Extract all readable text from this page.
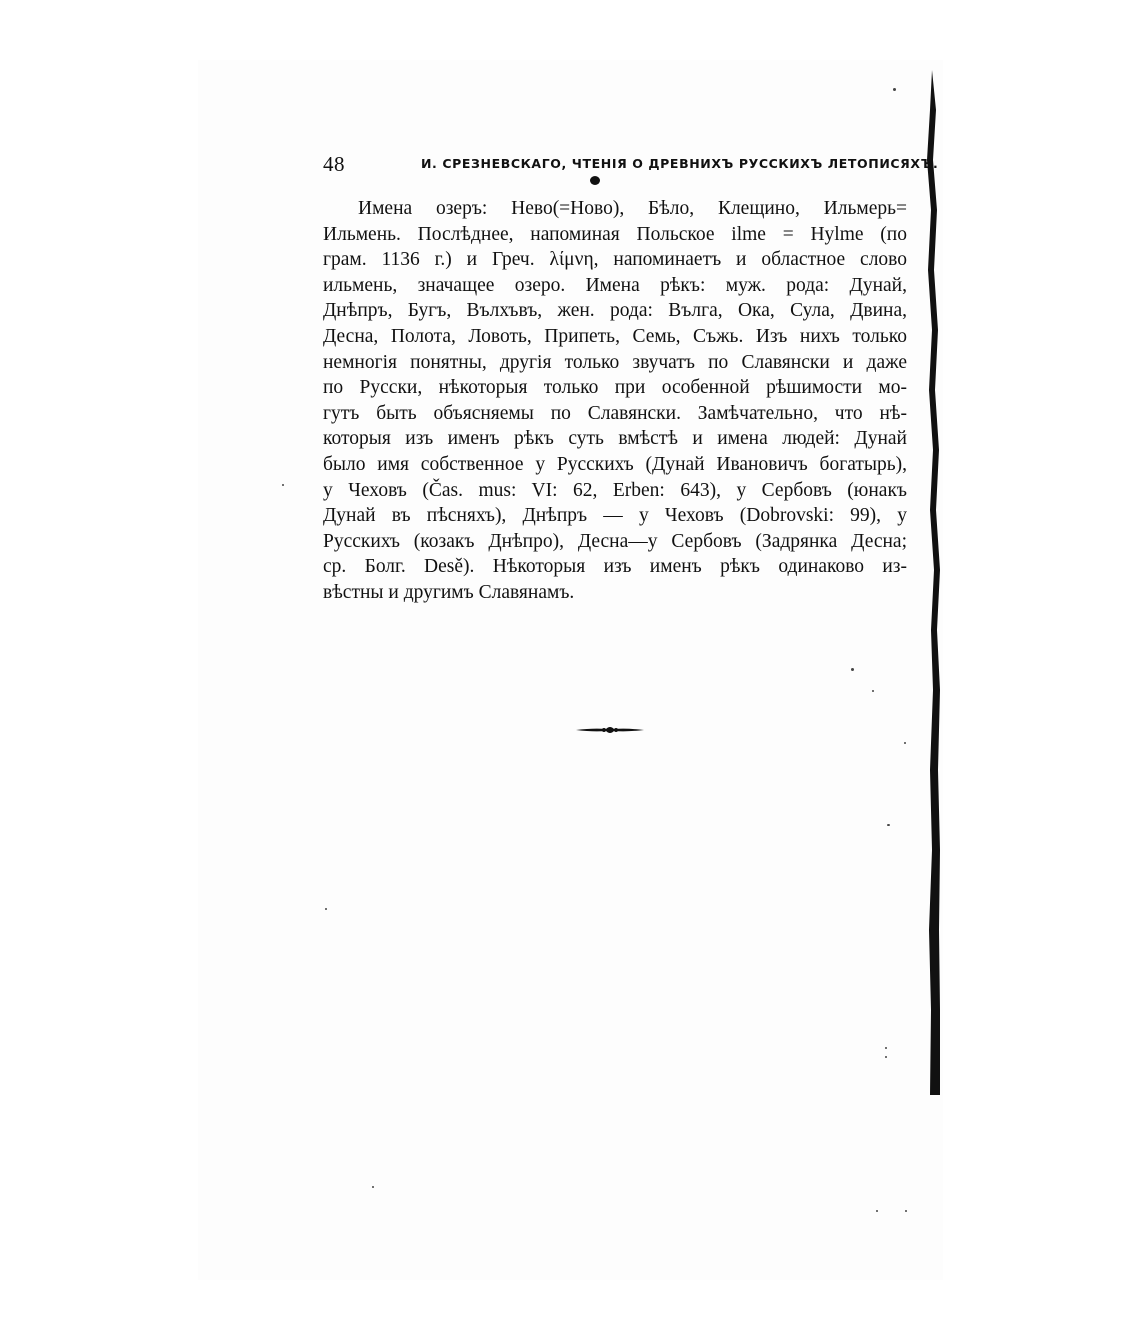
48	И. СРЕЗНЕВСКАГО, ЧТЕНІЯ О ДРЕВНИХЪ РУССКИХЪ ЛЕТОПИСЯХЪ.
Имена озеръ: Нево(=Ново), Бѣло, Клещино, Ильмерь=
Ильмень. Послѣднее, напоминая Польское ilme = Hylme (по
грам. 1136 г.) и Греч. λίμνη, напоминаетъ и областное слово
ильмень, значащее озеро. Имена рѣкъ: муж. рода: Дунай,
Днѣпръ, Бугъ, Вълхъвъ, жен. рода: Вълга, Ока, Сула, Двина,
Десна, Полота, Ловоть, Припеть, Семь, Съжь. Изъ нихъ только
немногія понятны, другія только звучатъ по Славянски и даже
по Русски, нѣкоторыя только при особенной рѣшимости мо-
гутъ быть объясняемы по Славянски. Замѣчательно, что нѣ-
которыя изъ именъ рѣкъ суть вмѣстѣ и имена людей: Дунай
было имя собственное у Русскихъ (Дунай Ивановичъ богатырь),
у Чеховъ (Čas. mus: VI: 62, Erben: 643), у Сербовъ (юнакъ
Дунай въ пѣсняхъ), Днѣпръ — у Чеховъ (Dobrovski: 99), у
Русскихъ (козакъ Днѣпро), Десна—у Сербовъ (Задрянка Десна;
ср. Болг. Desě). Нѣкоторыя изъ именъ рѣкъ одинаково из-
вѣстны и другимъ Славянамъ.
